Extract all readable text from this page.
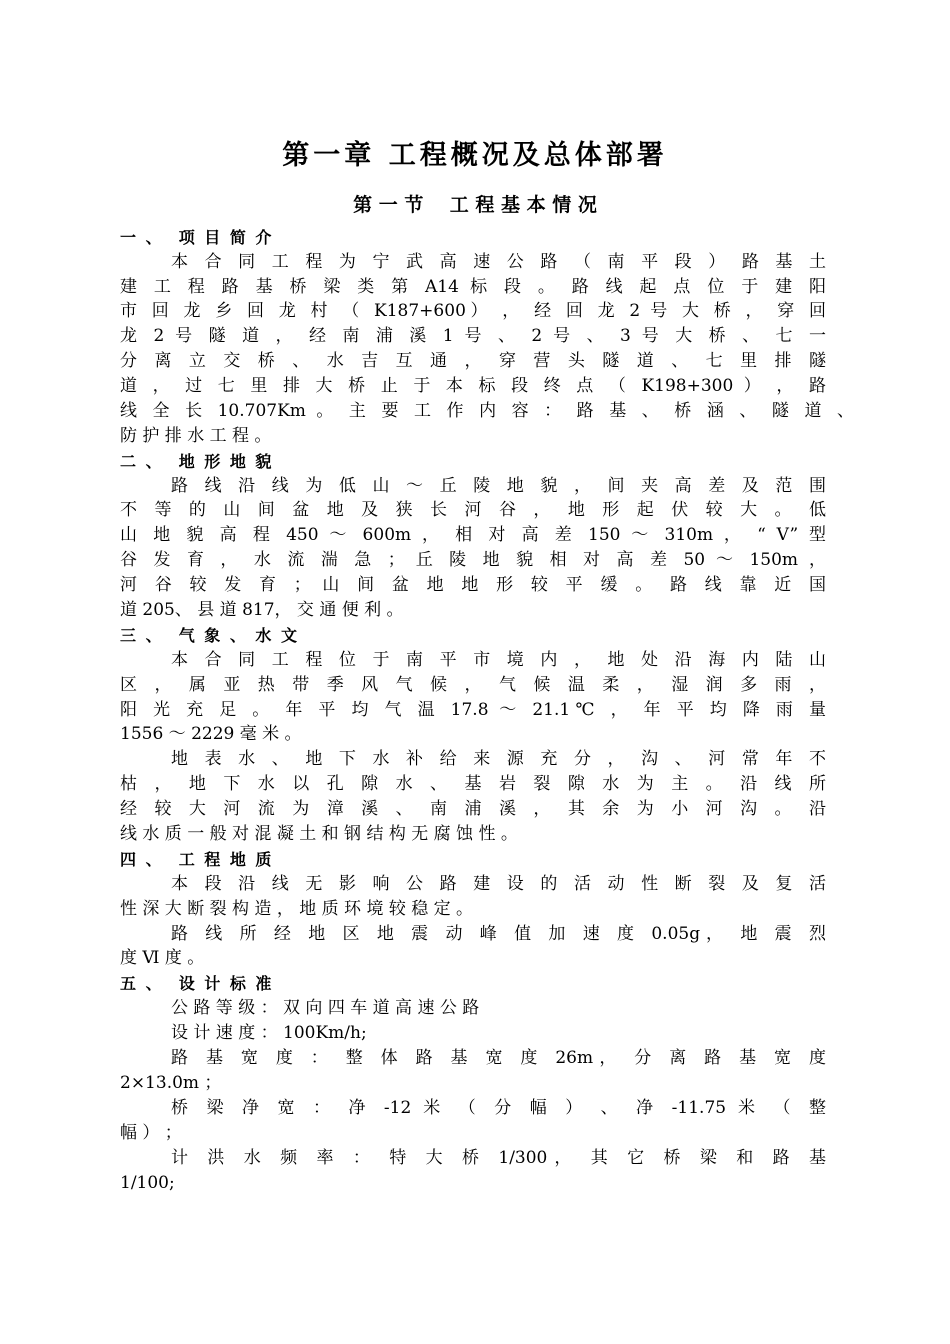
第一章 工程概况及总体部署
第 一 节    工 程 基 本 情 况
一 、  项 目 简 介
本 合 同 工 程 为 宁 武 高 速 公 路 （ 南 平 段 ） 路 基 土
建 工 程 路 基 桥 梁 类 第 A14 标 段 。 路 线 起 点 位 于 建 阳
市 回 龙 乡 回 龙 村 （ K187+600） ， 经 回 龙 2 号 大 桥 ， 穿 回
龙 2 号 隧 道 ， 经 南 浦 溪 1 号 、 2 号 、 3 号 大 桥 、 七 一
分 离 立 交 桥 、 水 吉 互 通 ， 穿 营 头 隧 道 、 七 里 排 隧
道 ， 过 七 里 排 大 桥 止 于 本 标 段 终 点 （ K198+300 ） ， 路
线 全 长 10.707Km 。 主 要 工 作 内 容 ： 路 基 、 桥 涵 、 隧 道 、
防 护 排 水 工 程 。
二 、  地 形 地 貌
路 线 沿 线 为 低 山 ～ 丘 陵 地 貌 ， 间 夹 高 差 及 范 围
不 等 的 山 间 盆 地 及 狭 长 河 谷 ， 地 形 起 伏 较 大 。 低
山 地 貌 高 程 450 ～ 600m ， 相 对 高 差 150 ～ 310m ， “ V” 型
谷 发 育 ， 水 流 湍 急 ； 丘 陵 地 貌 相 对 高 差 50 ～ 150m ，
河 谷 较 发 育 ； 山 间 盆 地 地 形 较 平 缓 。 路 线 靠 近 国
道 205、 县 道 817， 交 通 便 利 。
三 、  气 象 、 水 文
本 合 同 工 程 位 于 南 平 市 境 内 ， 地 处 沿 海 内 陆 山
区 ， 属 亚 热 带 季 风 气 候 ， 气 候 温 柔 ， 湿 润 多 雨 ，
阳 光 充 足 。 年 平 均 气 温 17.8 ～ 21.1℃ ， 年 平 均 降 雨 量
1556 ～ 2229 毫 米 。
地 表 水 、 地 下 水 补 给 来 源 充 分 ， 沟 、 河 常 年 不
枯 ， 地 下 水 以 孔 隙 水 、 基 岩 裂 隙 水 为 主 。 沿 线 所
经 较 大 河 流 为 漳 溪 、 南 浦 溪 ， 其 余 为 小 河 沟 。 沿
线 水 质 一 般 对 混 凝 土 和 钢 结 构 无 腐 蚀 性 。
四 、  工 程 地 质
本 段 沿 线 无 影 响 公 路 建 设 的 活 动 性 断 裂 及 复 活
性 深 大 断 裂 构 造 ， 地 质 环 境 较 稳 定 。
路 线 所 经 地 区 地 震 动 峰 值 加 速 度 0.05g， 地 震 烈
度 Ⅵ 度 。
五 、  设 计 标 准
公 路 等 级 ： 双 向 四 车 道 高 速 公 路
设 计 速 度 ： 100Km/h;
路 基 宽 度 ： 整 体 路 基 宽 度 26m， 分 离 路 基 宽 度
2×13.0m ；
桥 梁 净 宽 ： 净 -12 米 （ 分 幅 ） 、 净 -11.75 米 （ 整
幅 ） ；
计 洪 水 频 率 ： 特 大 桥 1/300， 其 它 桥 梁 和 路 基
1/100;
